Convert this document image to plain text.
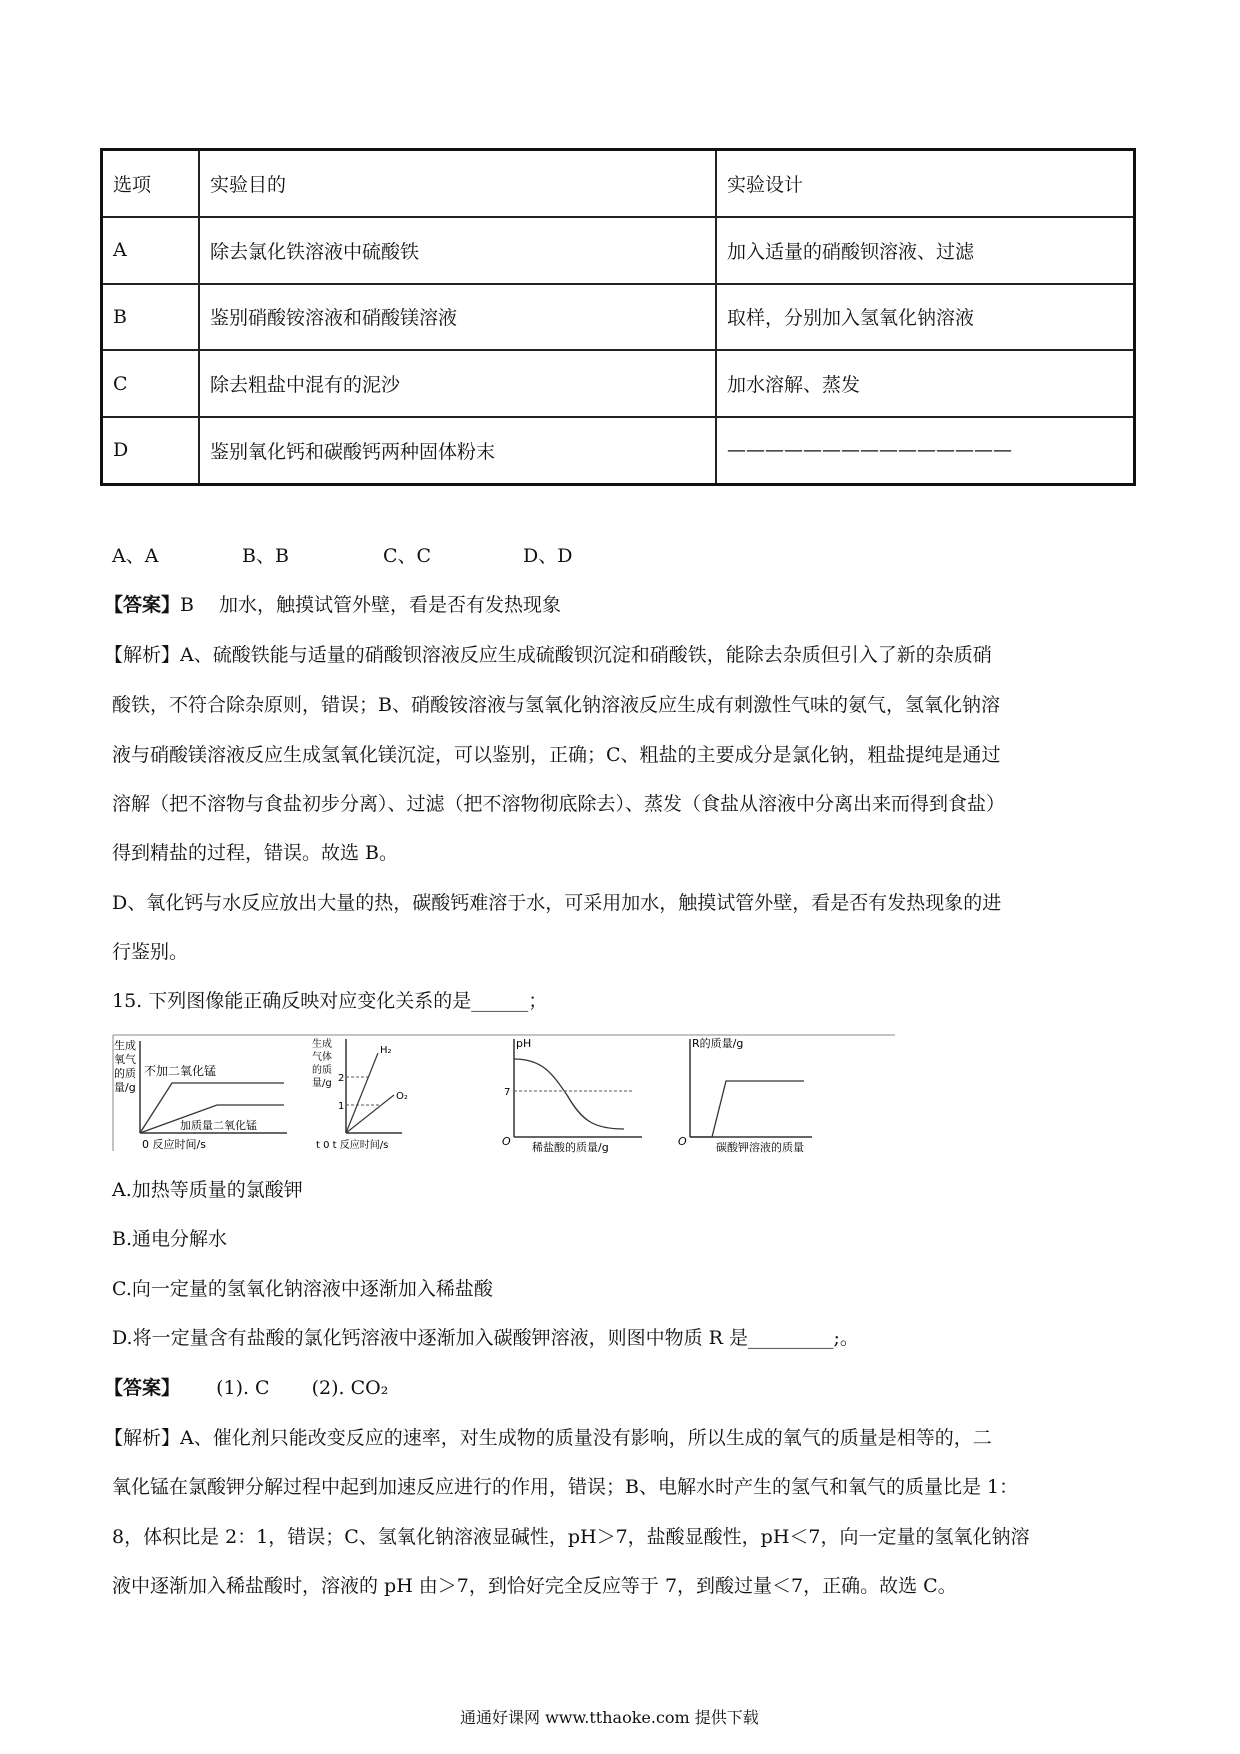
选项	实验目的	实验设计
A	除去氯化铁溶液中硫酸铁	加入适量的硝酸钡溶液、过滤
B	鉴别硝酸铵溶液和硝酸镁溶液	取样，分别加入氢氧化钠溶液
C	除去粗盐中混有的泥沙	加水溶解、蒸发
D	鉴别氧化钙和碳酸钙两种固体粉末	———————————————
A、A	B、B	C、C	D、D
【答案】B　 加水，触摸试管外壁，看是否有发热现象
【解析】A、硫酸铁能与适量的硝酸钡溶液反应生成硫酸钡沉淀和硝酸铁，能除去杂质但引入了新的杂质硝
酸铁，不符合除杂原则，错误；B、硝酸铵溶液与氢氧化钠溶液反应生成有刺激性气味的氨气，氢氧化钠溶
液与硝酸镁溶液反应生成氢氧化镁沉淀，可以鉴别，正确；C、粗盐的主要成分是氯化钠，粗盐提纯是通过
溶解（把不溶物与食盐初步分离）、过滤（把不溶物彻底除去）、蒸发（食盐从溶液中分离出来而得到食盐）
得到精盐的过程，错误。故选 B。
D、氧化钙与水反应放出大量的热，碳酸钙难溶于水，可采用加水，触摸试管外壁，看是否有发热现象的进
行鉴别。
15. 下列图像能正确反映对应变化关系的是______；
生成
氧气
的质
量/g
不加二氧化锰
加质量二氧化锰
0 反应时间/s
生成
气体
的质
量/g
H₂
O₂
2
1
t 0 t 反应时间/s
pH
7
O 稀盐酸的质量/g
R的质量/g
O	碳酸钾溶液的质量
A.加热等质量的氯酸钾
B.通电分解水
C.向一定量的氢氧化钠溶液中逐渐加入稀盐酸
D.将一定量含有盐酸的氯化钙溶液中逐渐加入碳酸钾溶液，则图中物质 R 是_________;。
【答案】 (1). C (2). CO₂
【解析】A、催化剂只能改变反应的速率，对生成物的质量没有影响，所以生成的氧气的质量是相等的，二
氧化锰在氯酸钾分解过程中起到加速反应进行的作用，错误；B、电解水时产生的氢气和氧气的质量比是 1：
8，体积比是 2：1，错误；C、氢氧化钠溶液显碱性，pH＞7，盐酸显酸性，pH＜7，向一定量的氢氧化钠溶
液中逐渐加入稀盐酸时，溶液的 pH 由＞7，到恰好完全反应等于 7，到酸过量＜7，正确。故选 C。
通通好课网 www.tthaoke.com 提供下载
